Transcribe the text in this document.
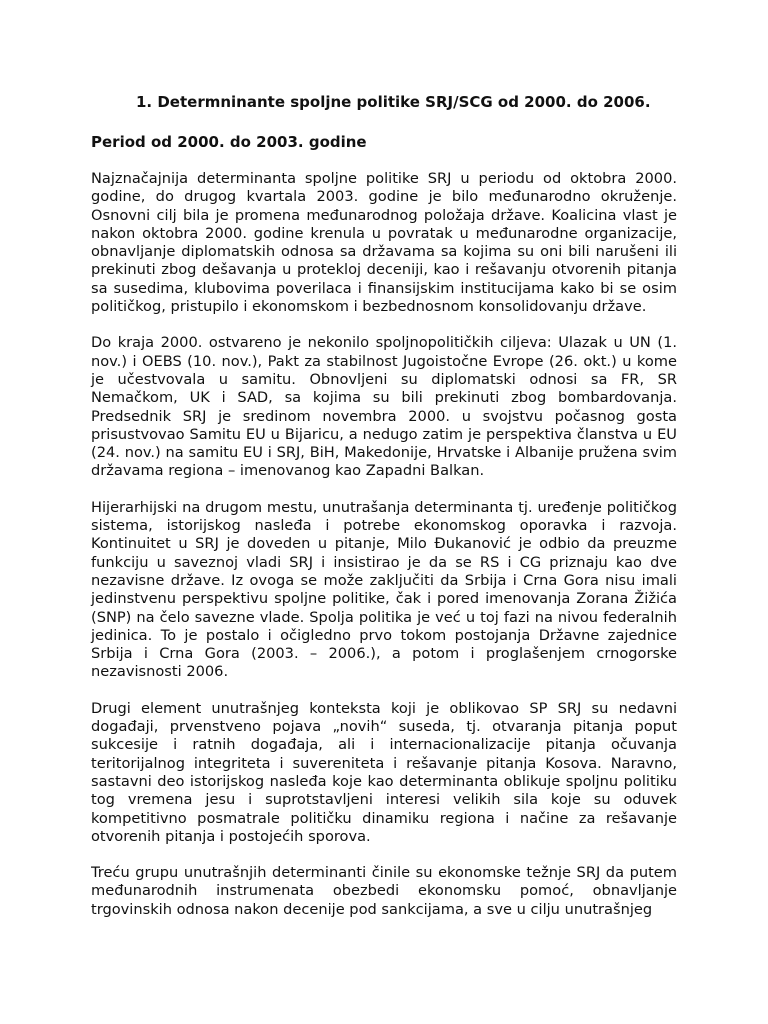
1. Determninante spoljne politike SRJ/SCG od 2000. do 2006.
Period od 2000. do 2003. godine

Najznačajnija determinanta spoljne politike SRJ u periodu od oktobra 2000. godine, do drugog kvartala 2003. godine je bilo međunarodno okruženje. Osnovni cilj bila je promena međunarodnog položaja države. Koalicina vlast je nakon oktobra 2000. godine krenula u povratak u međunarodne organizacije, obnavljanje diplomatskih odnosa sa državama sa kojima su oni bili narušeni ili prekinuti zbog dešavanja u proteklој deceniji, kao i rešavanju otvorenih pitanja sa susedima, klubovima poverilaca i finansijskim institucijama kako bi se osim političkog, pristupilo i ekonomskom i bezbednosnom konsolidovanju države.

Do kraja 2000. ostvareno je nekonilo spoljnopolitičkih ciljeva: Ulazak u UN (1. nov.) i OEBS (10. nov.), Pakt za stabilnost Jugoistočne Evrope (26. okt.) u kome je učestvovala u samitu. Obnovljeni su diplomatski odnosi sa FR, SR Nemačkom, UK i SAD, sa kojima su bili prekinuti zbog bombardovanja. Predsednik SRJ je sredinom novembra 2000. u svojstvu počasnog gosta prisustvovao Samitu EU u Bijaricu, a nedugo zatim je perspektiva članstva u EU (24. nov.) na samitu EU i SRJ, BiH, Makedonije, Hrvatske i Albanije pružena svim državama regiona – imenovanog kao Zapadni Balkan.

Hijerarhijski na drugom mestu, unutrašanja determinanta tj. uređenje političkog sistema, istorijskog nasleđa i potrebe ekonomskog oporavka i razvoja. Kontinuitet u SRJ je doveden u pitanje, Milo Đukanović je odbio da preuzme funkciju u saveznoj vladi SRJ i insistirao je da se RS i CG priznaju kao dve nezavisne države. Iz ovoga se može zaključiti da Srbija i Crna Gora nisu imali jedinstvenu perspektivu spoljne politike, čak i pored imenovanja Zorana Žižića (SNP) na čelo savezne vlade. Spolja politika je već u toj fazi na nivou federalnih jedinica. To je postalo i očigledno prvo tokom postojanja Državne zajednice Srbija i Crna Gora (2003. – 2006.), a potom i proglašenjem crnogorske nezavisnosti 2006.

Drugi element unutrašnjeg konteksta koji je oblikovao SP SRJ su nedavni događaji, prvenstveno pojava „novih“ suseda, tj. otvaranja pitanja poput sukcesije i ratnih događaja, ali i internacionalizacije pitanja očuvanja teritorijalnog integriteta i suvereniteta i rešavanje pitanja Kosova. Naravno, sastavni deo istorijskog nasleđa koje kao determinanta oblikuje spoljnu politiku tog vremena jesu i suprotstavljeni interesi velikih sila koje su oduvek kompetitivno posmatrale političku dinamiku regiona i načine za rešavanje otvorenih pitanja i postojećih sporova.

Treću grupu unutrašnjih determinanti činile su ekonomske težnje SRJ da putem međunarodnih instrumenata obezbedi ekonomsku pomoć, obnavljanje trgovinskih odnosa nakon decenije pod sankcijama, a sve u cilju unutrašnjeg
